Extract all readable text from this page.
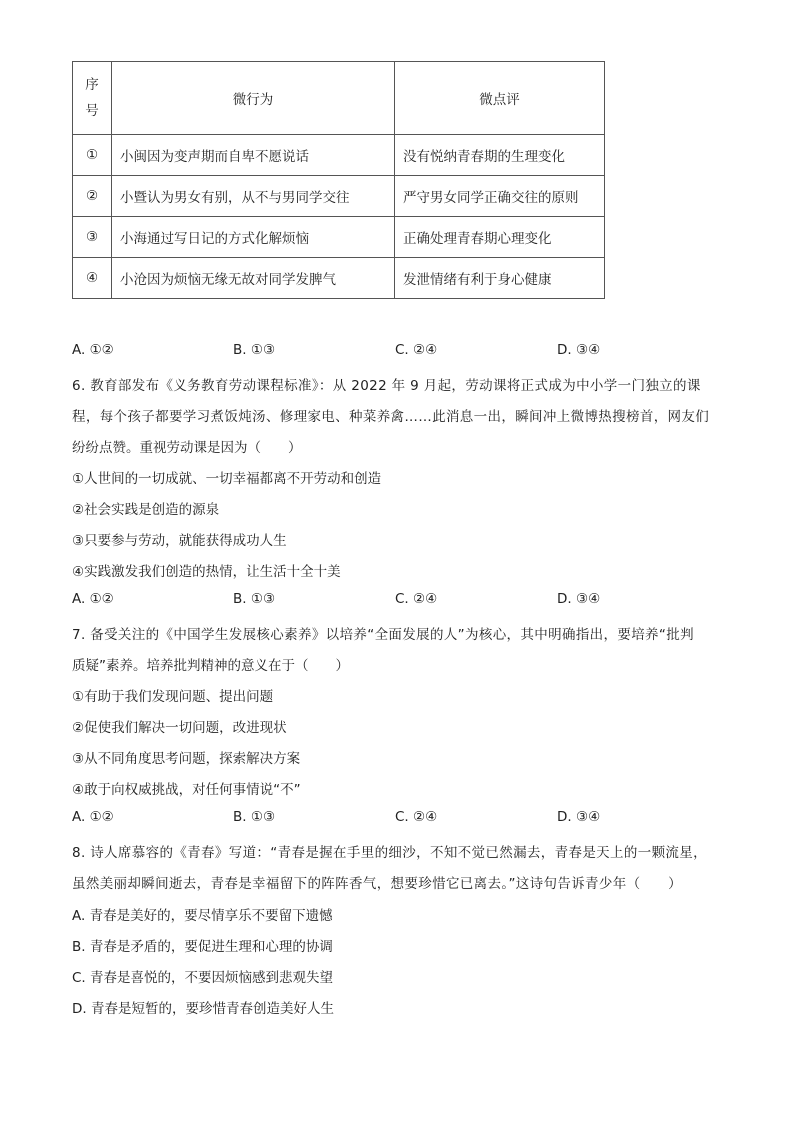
序
号	微行为	微点评
①	小闽因为变声期而自卑不愿说话	没有悦纳青春期的生理变化
②	小暨认为男女有别，从不与男同学交往	严守男女同学正确交往的原则
③	小海通过写日记的方式化解烦恼	正确处理青春期心理变化
④	小沧因为烦恼无缘无故对同学发脾气	发泄情绪有利于身心健康
A. ①②	B. ①③	C. ②④	D. ③④
6. 教育部发布《义务教育劳动课程标准》：从 2022 年 9 月起，劳动课将正式成为中小学一门独立的课
程，每个孩子都要学习煮饭炖汤、修理家电、种菜养禽……此消息一出，瞬间冲上微博热搜榜首，网友们
纷纷点赞。重视劳动课是因为（　　）
①人世间的一切成就、一切幸福都离不开劳动和创造
②社会实践是创造的源泉
③只要参与劳动，就能获得成功人生
④实践激发我们创造的热情，让生活十全十美
A. ①②	B. ①③	C. ②④	D. ③④
7. 备受关注的《中国学生发展核心素养》以培养“全面发展的人”为核心，其中明确指出，要培养“批判
质疑”素养。培养批判精神的意义在于（　　）
①有助于我们发现问题、提出问题
②促使我们解决一切问题，改进现状
③从不同角度思考问题，探索解决方案
④敢于向权威挑战，对任何事情说“不”
A. ①②	B. ①③	C. ②④	D. ③④
8. 诗人席慕容的《青春》写道：“青春是握在手里的细沙，不知不觉已然漏去，青春是天上的一颗流星，
虽然美丽却瞬间逝去，青春是幸福留下的阵阵香气，想要珍惜它已离去。”这诗句告诉青少年（　　）
A. 青春是美好的，要尽情享乐不要留下遗憾
B. 青春是矛盾的，要促进生理和心理的协调
C. 青春是喜悦的，不要因烦恼感到悲观失望
D. 青春是短暂的，要珍惜青春创造美好人生
